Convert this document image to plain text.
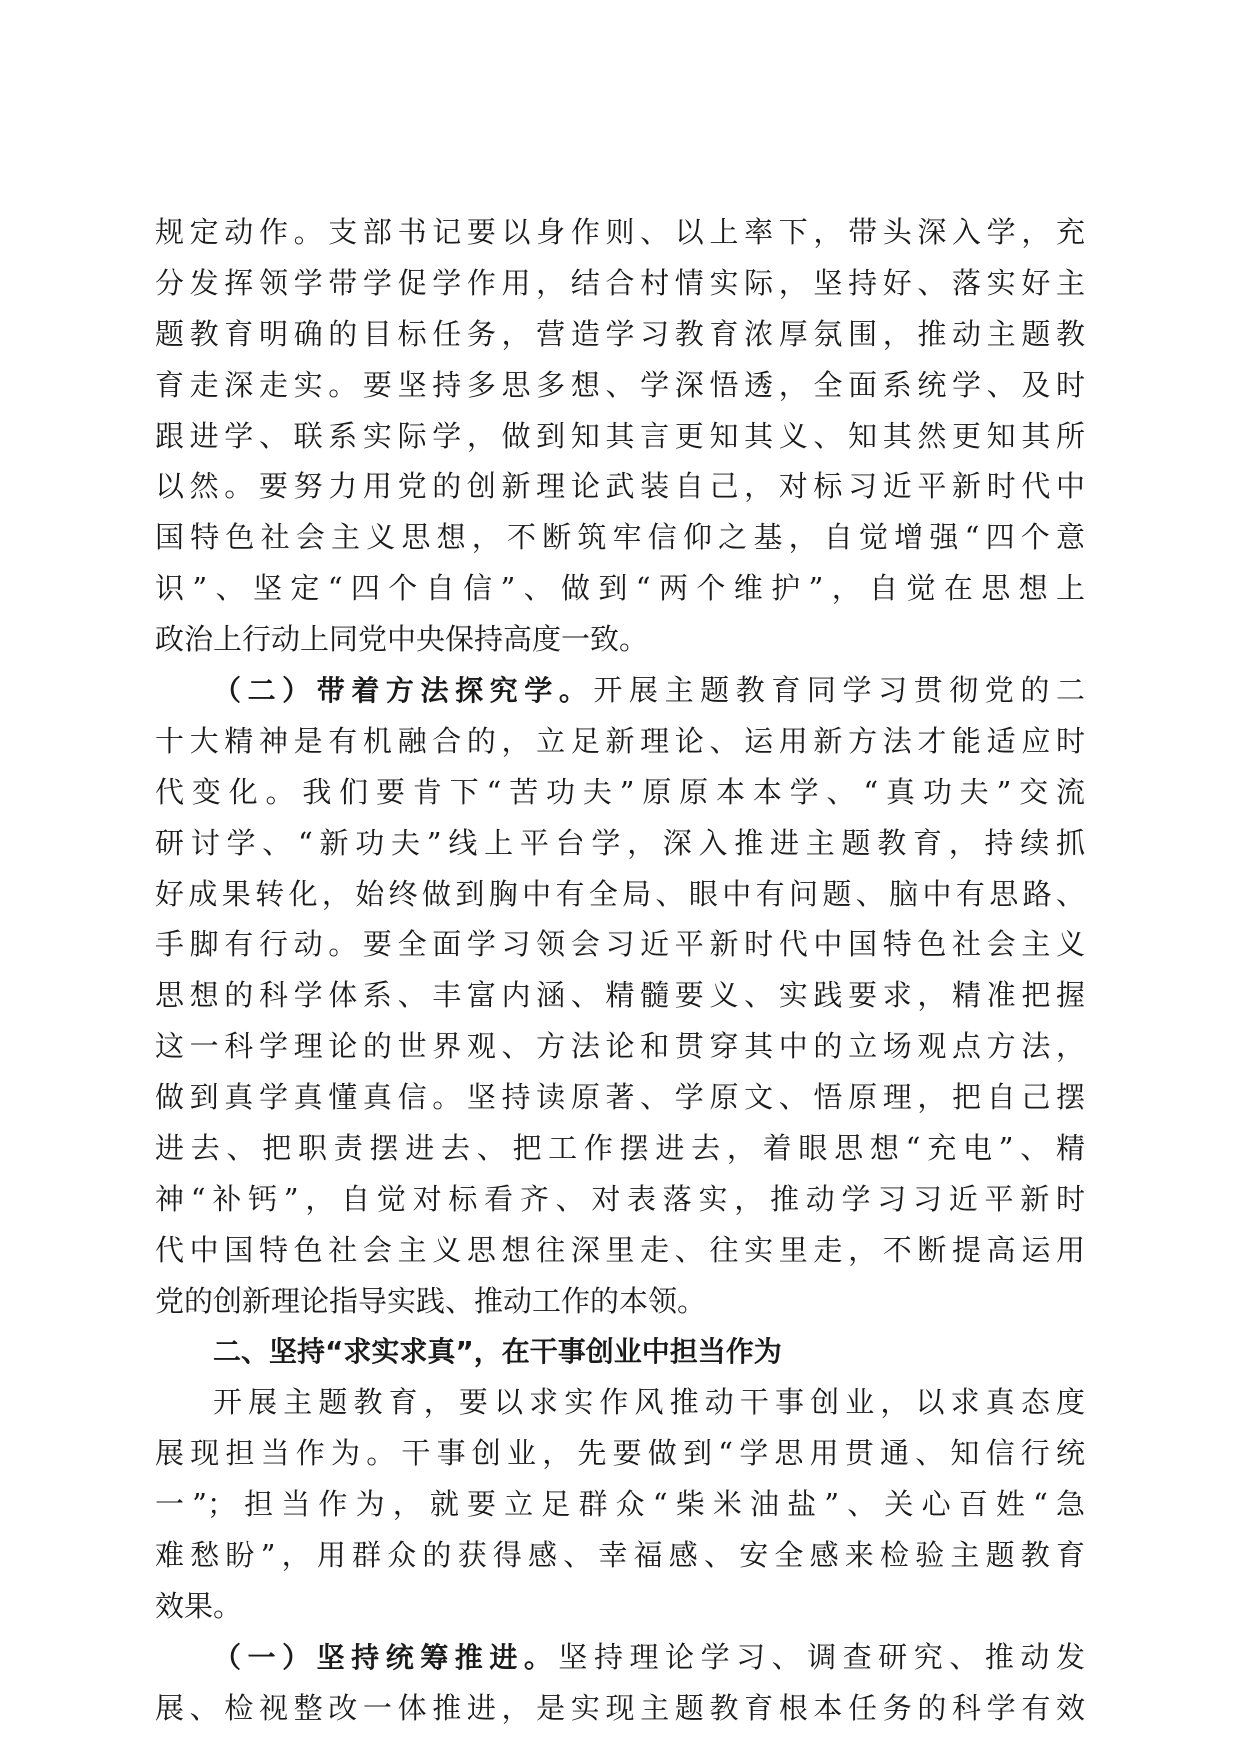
规定动作。支部书记要以身作则、以上率下，带头深入学，充
分发挥领学带学促学作用，结合村情实际，坚持好、落实好主
题教育明确的目标任务，营造学习教育浓厚氛围，推动主题教
育走深走实。要坚持多思多想、学深悟透，全面系统学、及时
跟进学、联系实际学，做到知其言更知其义、知其然更知其所
以然。要努力用党的创新理论武装自己，对标习近平新时代中
国特色社会主义思想，不断筑牢信仰之基，自觉增强“四个意
识”、坚定“四个自信”、做到“两个维护”，自觉在思想上
政治上行动上同党中央保持高度一致。
（二）带着方法探究学。开展主题教育同学习贯彻党的二
十大精神是有机融合的，立足新理论、运用新方法才能适应时
代变化。我们要肯下“苦功夫”原原本本学、“真功夫”交流
研讨学、“新功夫”线上平台学，深入推进主题教育，持续抓
好成果转化，始终做到胸中有全局、眼中有问题、脑中有思路、
手脚有行动。要全面学习领会习近平新时代中国特色社会主义
思想的科学体系、丰富内涵、精髓要义、实践要求，精准把握
这一科学理论的世界观、方法论和贯穿其中的立场观点方法，
做到真学真懂真信。坚持读原著、学原文、悟原理，把自己摆
进去、把职责摆进去、把工作摆进去，着眼思想“充电”、精
神“补钙”，自觉对标看齐、对表落实，推动学习习近平新时
代中国特色社会主义思想往深里走、往实里走，不断提高运用
党的创新理论指导实践、推动工作的本领。
二、坚持“求实求真”，在干事创业中担当作为
开展主题教育，要以求实作风推动干事创业，以求真态度
展现担当作为。干事创业，先要做到“学思用贯通、知信行统
一”；担当作为，就要立足群众“柴米油盐”、关心百姓“急
难愁盼”，用群众的获得感、幸福感、安全感来检验主题教育
效果。
（一）坚持统筹推进。坚持理论学习、调查研究、推动发
展、检视整改一体推进，是实现主题教育根本任务的科学有效
